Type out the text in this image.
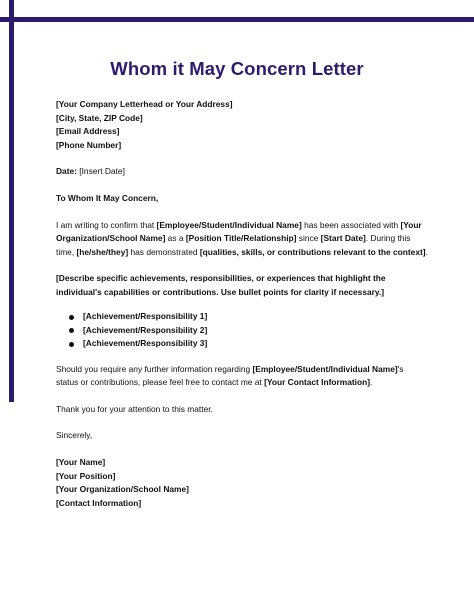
Whom it May Concern Letter

[Your Company Letterhead or Your Address]

[City, State, ZIP Code]

[Email Address]

[Phone Number]

Date: [Insert Date]

To Whom It May Concern,

I am writing to confirm that [Employee/Student/Individual Name] has been associated with [Your Organization/School Name] as a [Position Title/Relationship] since [Start Date]. During this time, [he/she/they] has demonstrated [qualities, skills, or contributions relevant to the context].

[Describe specific achievements, responsibilities, or experiences that highlight the individual's capabilities or contributions. Use bullet points for clarity if necessary.]

[Achievement/Responsibility 1]
[Achievement/Responsibility 2]
[Achievement/Responsibility 3]

Should you require any further information regarding [Employee/Student/Individual Name]'s status or contributions, please feel free to contact me at [Your Contact Information].

Thank you for your attention to this matter.

Sincerely,

[Your Name]

[Your Position]

[Your Organization/School Name]

[Contact Information]
